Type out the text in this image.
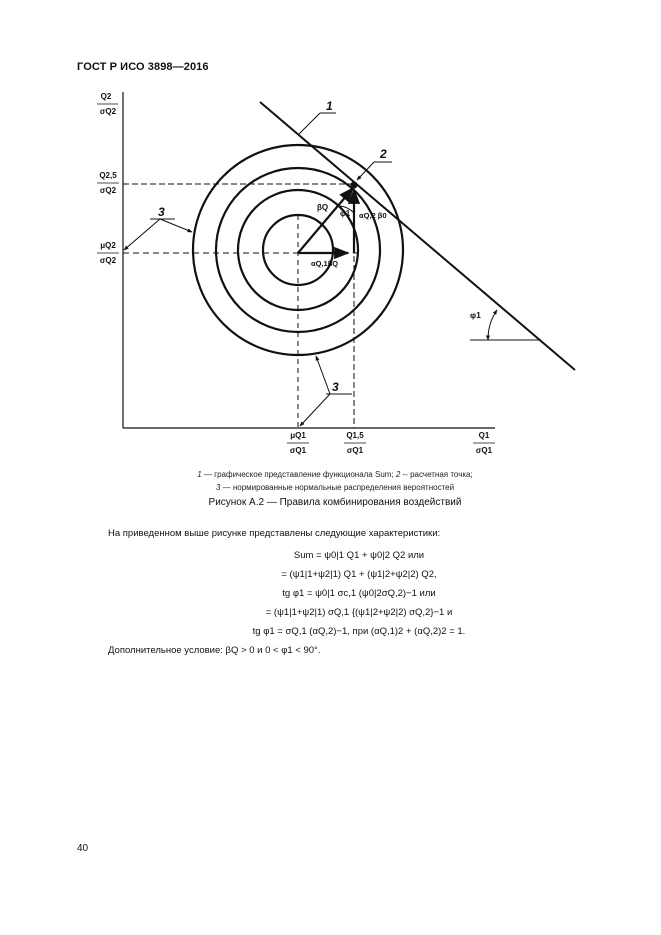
ГОСТ Р ИСО 3898—2016
Q2
σQ2
Q2,5
σQ2
μQ2
σQ2
μQ1
σQ1
Q1,5
σQ1
Q1
σQ1
1
2
3
3
βQ
φ1 αQ,2 β0
αQ,1βQ
φ1
1 — графическое представление функционала Sum; 2 -- расчетная точка;
3 — нормированные нормальные распределения вероятностей
Рисунок А.2 — Правила комбинирования воздействий
На приведенном выше рисунке представлены следующие характеристики:
Sum = ψ0|1 Q1 + ψ0|2 Q2 или
= (ψ1|1+ψ2|1) Q1 + (ψ1|2+ψ2|2) Q2,
tg φ1 = ψ0|1 σc,1 (ψ0|2σQ,2)−1 или
= (ψ1|1+ψ2|1) σQ,1 {(ψ1|2+ψ2|2) σQ,2}−1 и
tg φ1 = σQ,1 (αQ,2)−1, при (αQ,1)2 + (αQ,2)2 = 1.
Дополнительное условие: βQ > 0 и 0 < φ1 < 90°.
40
